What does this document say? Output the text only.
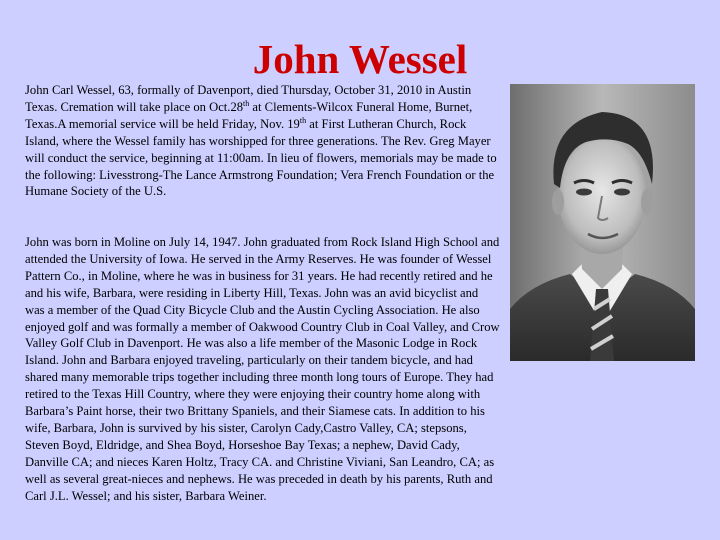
John Wessel
John Carl Wessel, 63, formally of Davenport, died Thursday, October 31, 2010 in Austin Texas. Cremation will take place on Oct.28th at Clements-Wilcox Funeral Home, Burnet, Texas.A memorial service will be held Friday, Nov. 19th at First Lutheran Church, Rock Island, where the Wessel family has worshipped for three generations. The Rev. Greg Mayer will conduct the service, beginning at 11:00am. In lieu of flowers, memorials may be made to the following: Livesstrong-The Lance Armstrong Foundation; Vera French Foundation or the Humane Society of the U.S.
John was born in Moline on July 14, 1947. John graduated from Rock Island High School and attended the University of Iowa. He served in the Army Reserves. He was founder of Wessel Pattern Co., in Moline, where he was in business for 31 years. He had recently retired and he and his wife, Barbara, were residing in Liberty Hill, Texas. John was an avid bicyclist and was a member of the Quad City Bicycle Club and the Austin Cycling Association. He also enjoyed golf and was formally a member of Oakwood Country Club in Coal Valley, and Crow Valley Golf Club in Davenport. He was also a life member of the Masonic Lodge in Rock Island. John and Barbara enjoyed traveling, particularly on their tandem bicycle, and had shared many memorable trips together including three month long tours of Europe. They had retired to the Texas Hill Country, where they were enjoying their country home along with Barbara’s Paint horse, their two Brittany Spaniels, and their Siamese cats. In addition to his wife, Barbara, John is survived by his sister, Carolyn Cady,Castro Valley, CA; stepsons, Steven Boyd, Eldridge, and Shea Boyd, Horseshoe Bay Texas; a nephew, David Cady, Danville CA; and nieces Karen Holtz, Tracy CA. and Christine Viviani, San Leandro, CA; as well as several great-nieces and nephews. He was preceded in death by his parents, Ruth and Carl J.L. Wessel; and his sister, Barbara Weiner.
